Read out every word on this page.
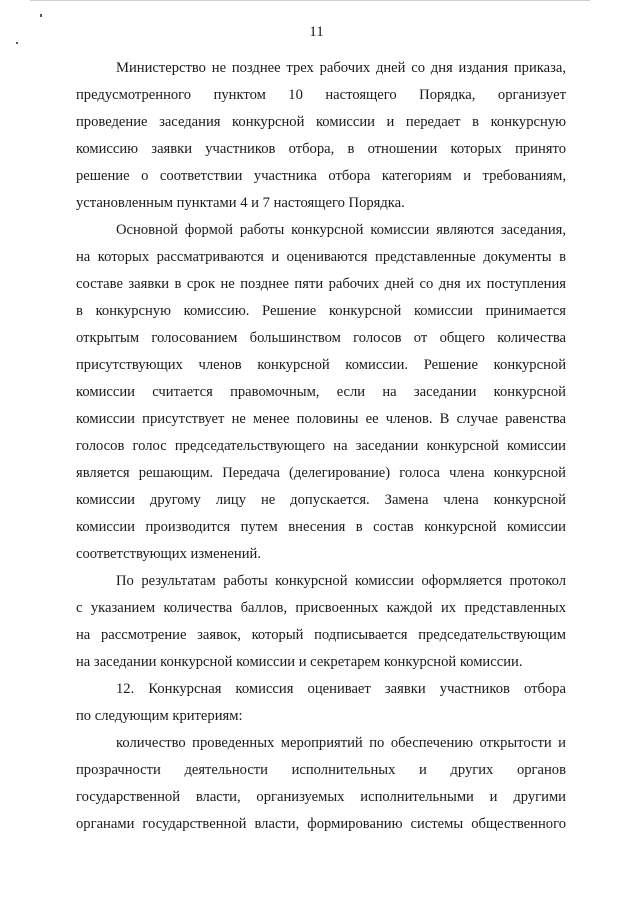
11

Министерство не позднее трех рабочих дней со дня издания приказа,
предусмотренного пунктом 10 настоящего Порядка, организует
проведение заседания конкурсной комиссии и передает в конкурсную
комиссию заявки участников отбора, в отношении которых принято
решение о соответствии участника отбора категориям и требованиям,
установленным пунктами 4 и 7 настоящего Порядка.

Основной формой работы конкурсной комиссии являются заседания,
на которых рассматриваются и оцениваются представленные документы в
составе заявки в срок не позднее пяти рабочих дней со дня их поступления
в конкурсную комиссию. Решение конкурсной комиссии принимается
открытым голосованием большинством голосов от общего количества
присутствующих членов конкурсной комиссии. Решение конкурсной
комиссии считается правомочным, если на заседании конкурсной
комиссии присутствует не менее половины ее членов. В случае равенства
голосов голос председательствующего на заседании конкурсной комиссии
является решающим. Передача (делегирование) голоса члена конкурсной
комиссии другому лицу не допускается. Замена члена конкурсной
комиссии производится путем внесения в состав конкурсной комиссии
соответствующих изменений.

По результатам работы конкурсной комиссии оформляется протокол
с указанием количества баллов, присвоенных каждой их представленных
на рассмотрение заявок, который подписывается председательствующим
на заседании конкурсной комиссии и секретарем конкурсной комиссии.

12. Конкурсная комиссия оценивает заявки участников отбора
по следующим критериям:

количество проведенных мероприятий по обеспечению открытости и
прозрачности деятельности исполнительных и других органов
государственной власти, организуемых исполнительными и другими
органами государственной власти, формированию системы общественного
